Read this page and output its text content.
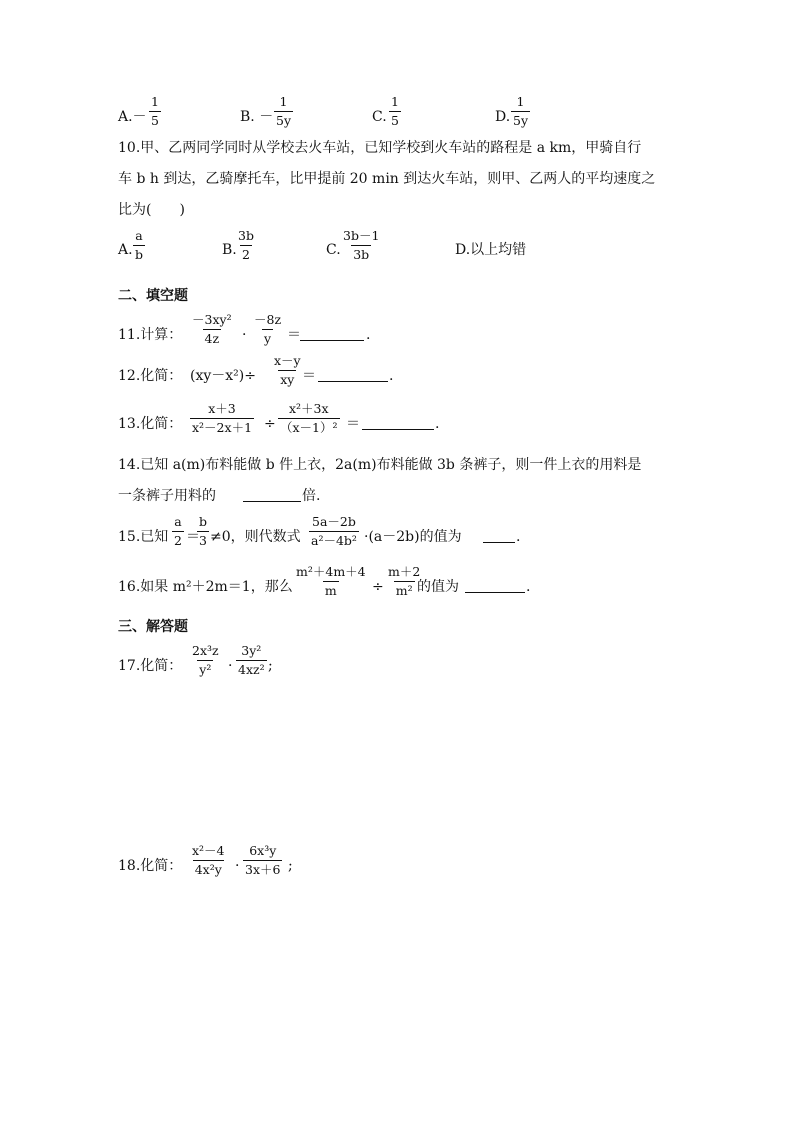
$A.- \frac{1}{5}$	B. － $\frac{1}{5y}$	C. $\frac{1}{5}$	D. $\frac{1}{5y}$
10.甲、乙两同学同时从学校去火车站，已知学校到火车站的路程是 a km，甲骑自行
车 b h 到达，乙骑摩托车，比甲提前 20 min 到达火车站，则甲、乙两人的平均速度之
比为(　　)
A. $\frac{a}{b}$	B. $\frac{3b}{2}$	C. $\frac{3b-1}{3b}$	D.以上均错
二、填空题
11.计算： $\frac{\text{－3xy²}}{4z} \cdot \frac{-8z}{y}$ ＝	.
12.化简： $(xy-x^2)\div \frac{x-y}{xy}$ ＝	.
13.化简： $\frac{x+3}{\text{x²－2x＋1}} \div \frac{\text{x²＋3x}}{\text{（x－1）²}}$ ＝	.
14.已知 a(m)布料能做 b 件上衣，2a(m)布料能做 3b 条裤子，则一件上衣的用料是
一条裤子用料的	倍.
15.已知 $\frac{a}{2}$ ＝
$\frac{b}{3} \ne 0$，则代数式 $\frac{5a-2b}{\text{a²－4b²}} \cdot(a-2b)$的值为	.
16.如果 m²＋2m＝1，那么 $\frac{\text{m²＋4m＋4}}{m} \div \frac{m+2}{\text{m²}}$
的值为	.
三、解答题
17.化简： $\frac{\text{2x³z}}{\text{y²}} \cdot \frac{\text{3y²}}{\text{4xz²}}$ ;
18.化简： $\frac{\text{x²－4}}{\text{4x²y}} \cdot \frac{\text{6x³y}}{3x+6}$ ;
